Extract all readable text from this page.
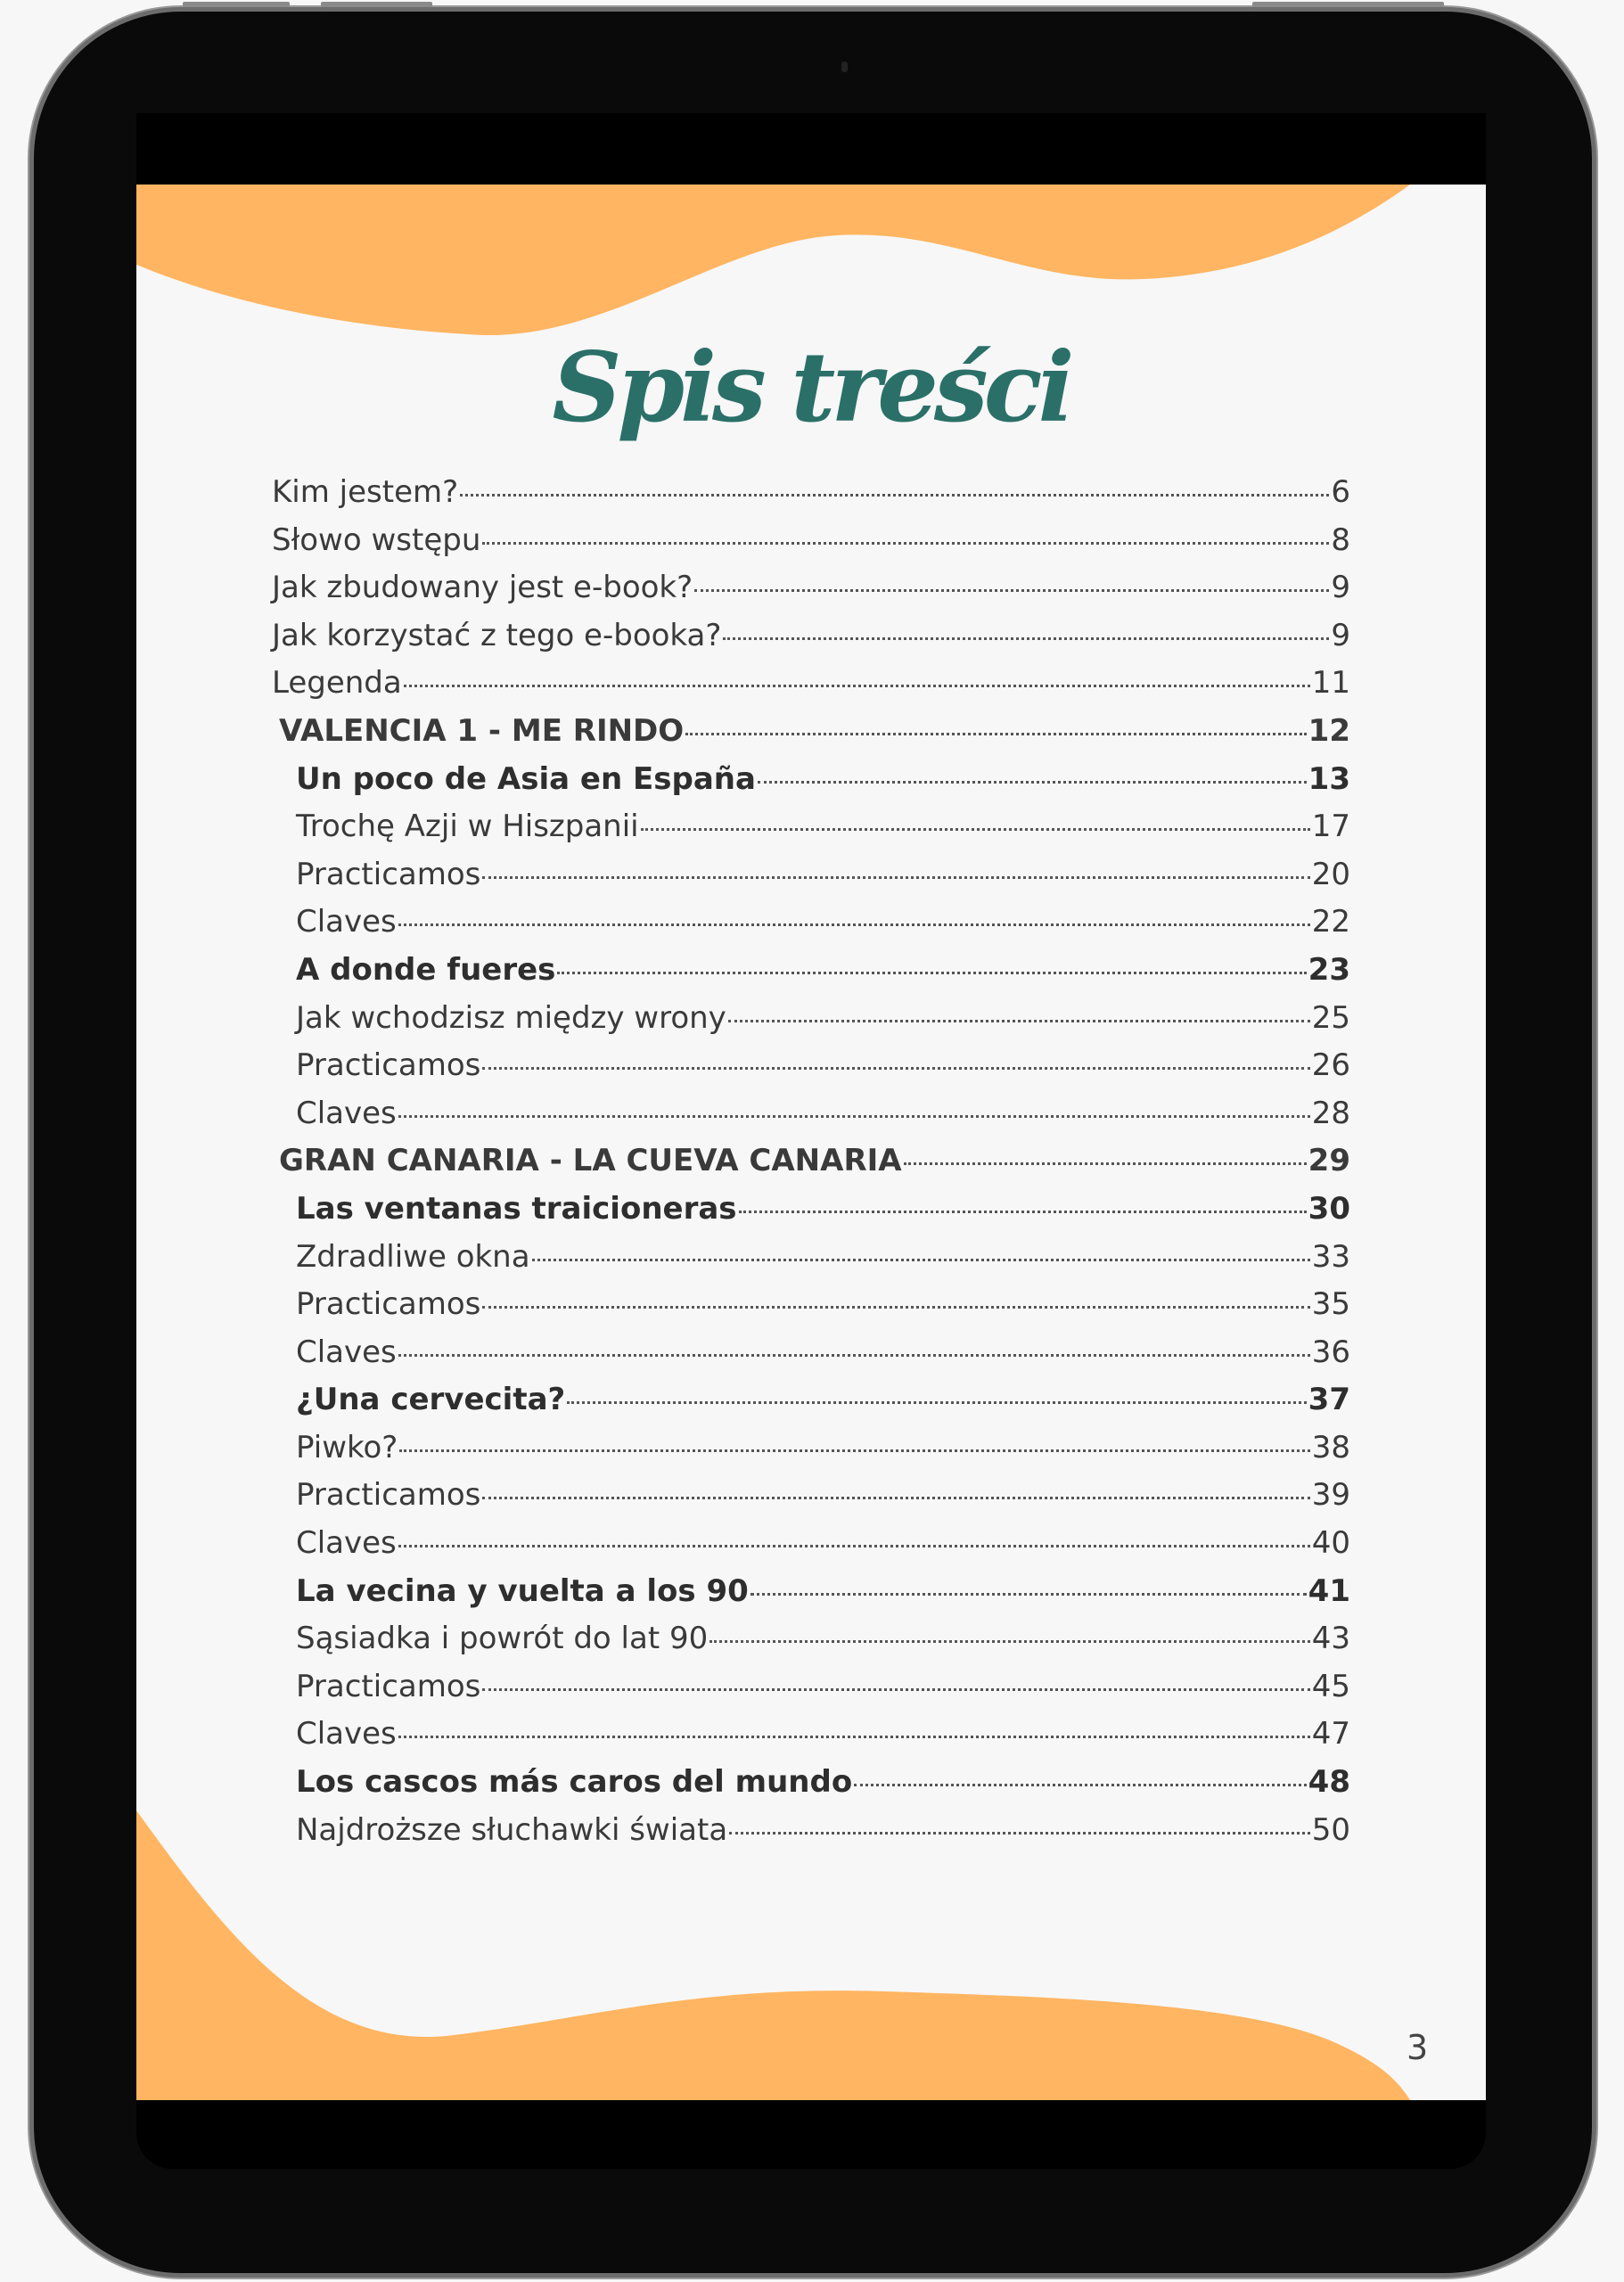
Spis treści
Kim jestem?	6
Słowo wstępu	8
Jak zbudowany jest e-book?	9
Jak korzystać z tego e-booka?	9
Legenda	11
VALENCIA 1 - ME RINDO	12
Un poco de Asia en España	13
Trochę Azji w Hiszpanii	17
Practicamos	20
Claves	22
A donde fueres	23
Jak wchodzisz między wrony	25
Practicamos	26
Claves	28
GRAN CANARIA - LA CUEVA CANARIA	29
Las ventanas traicioneras	30
Zdradliwe okna	33
Practicamos	35
Claves	36
¿Una cervecita?	37
Piwko?	38
Practicamos	39
Claves	40
La vecina y vuelta a los 90	41
Sąsiadka i powrót do lat 90	43
Practicamos	45
Claves	47
Los cascos más caros del mundo	48
Najdroższe słuchawki świata	50
3
